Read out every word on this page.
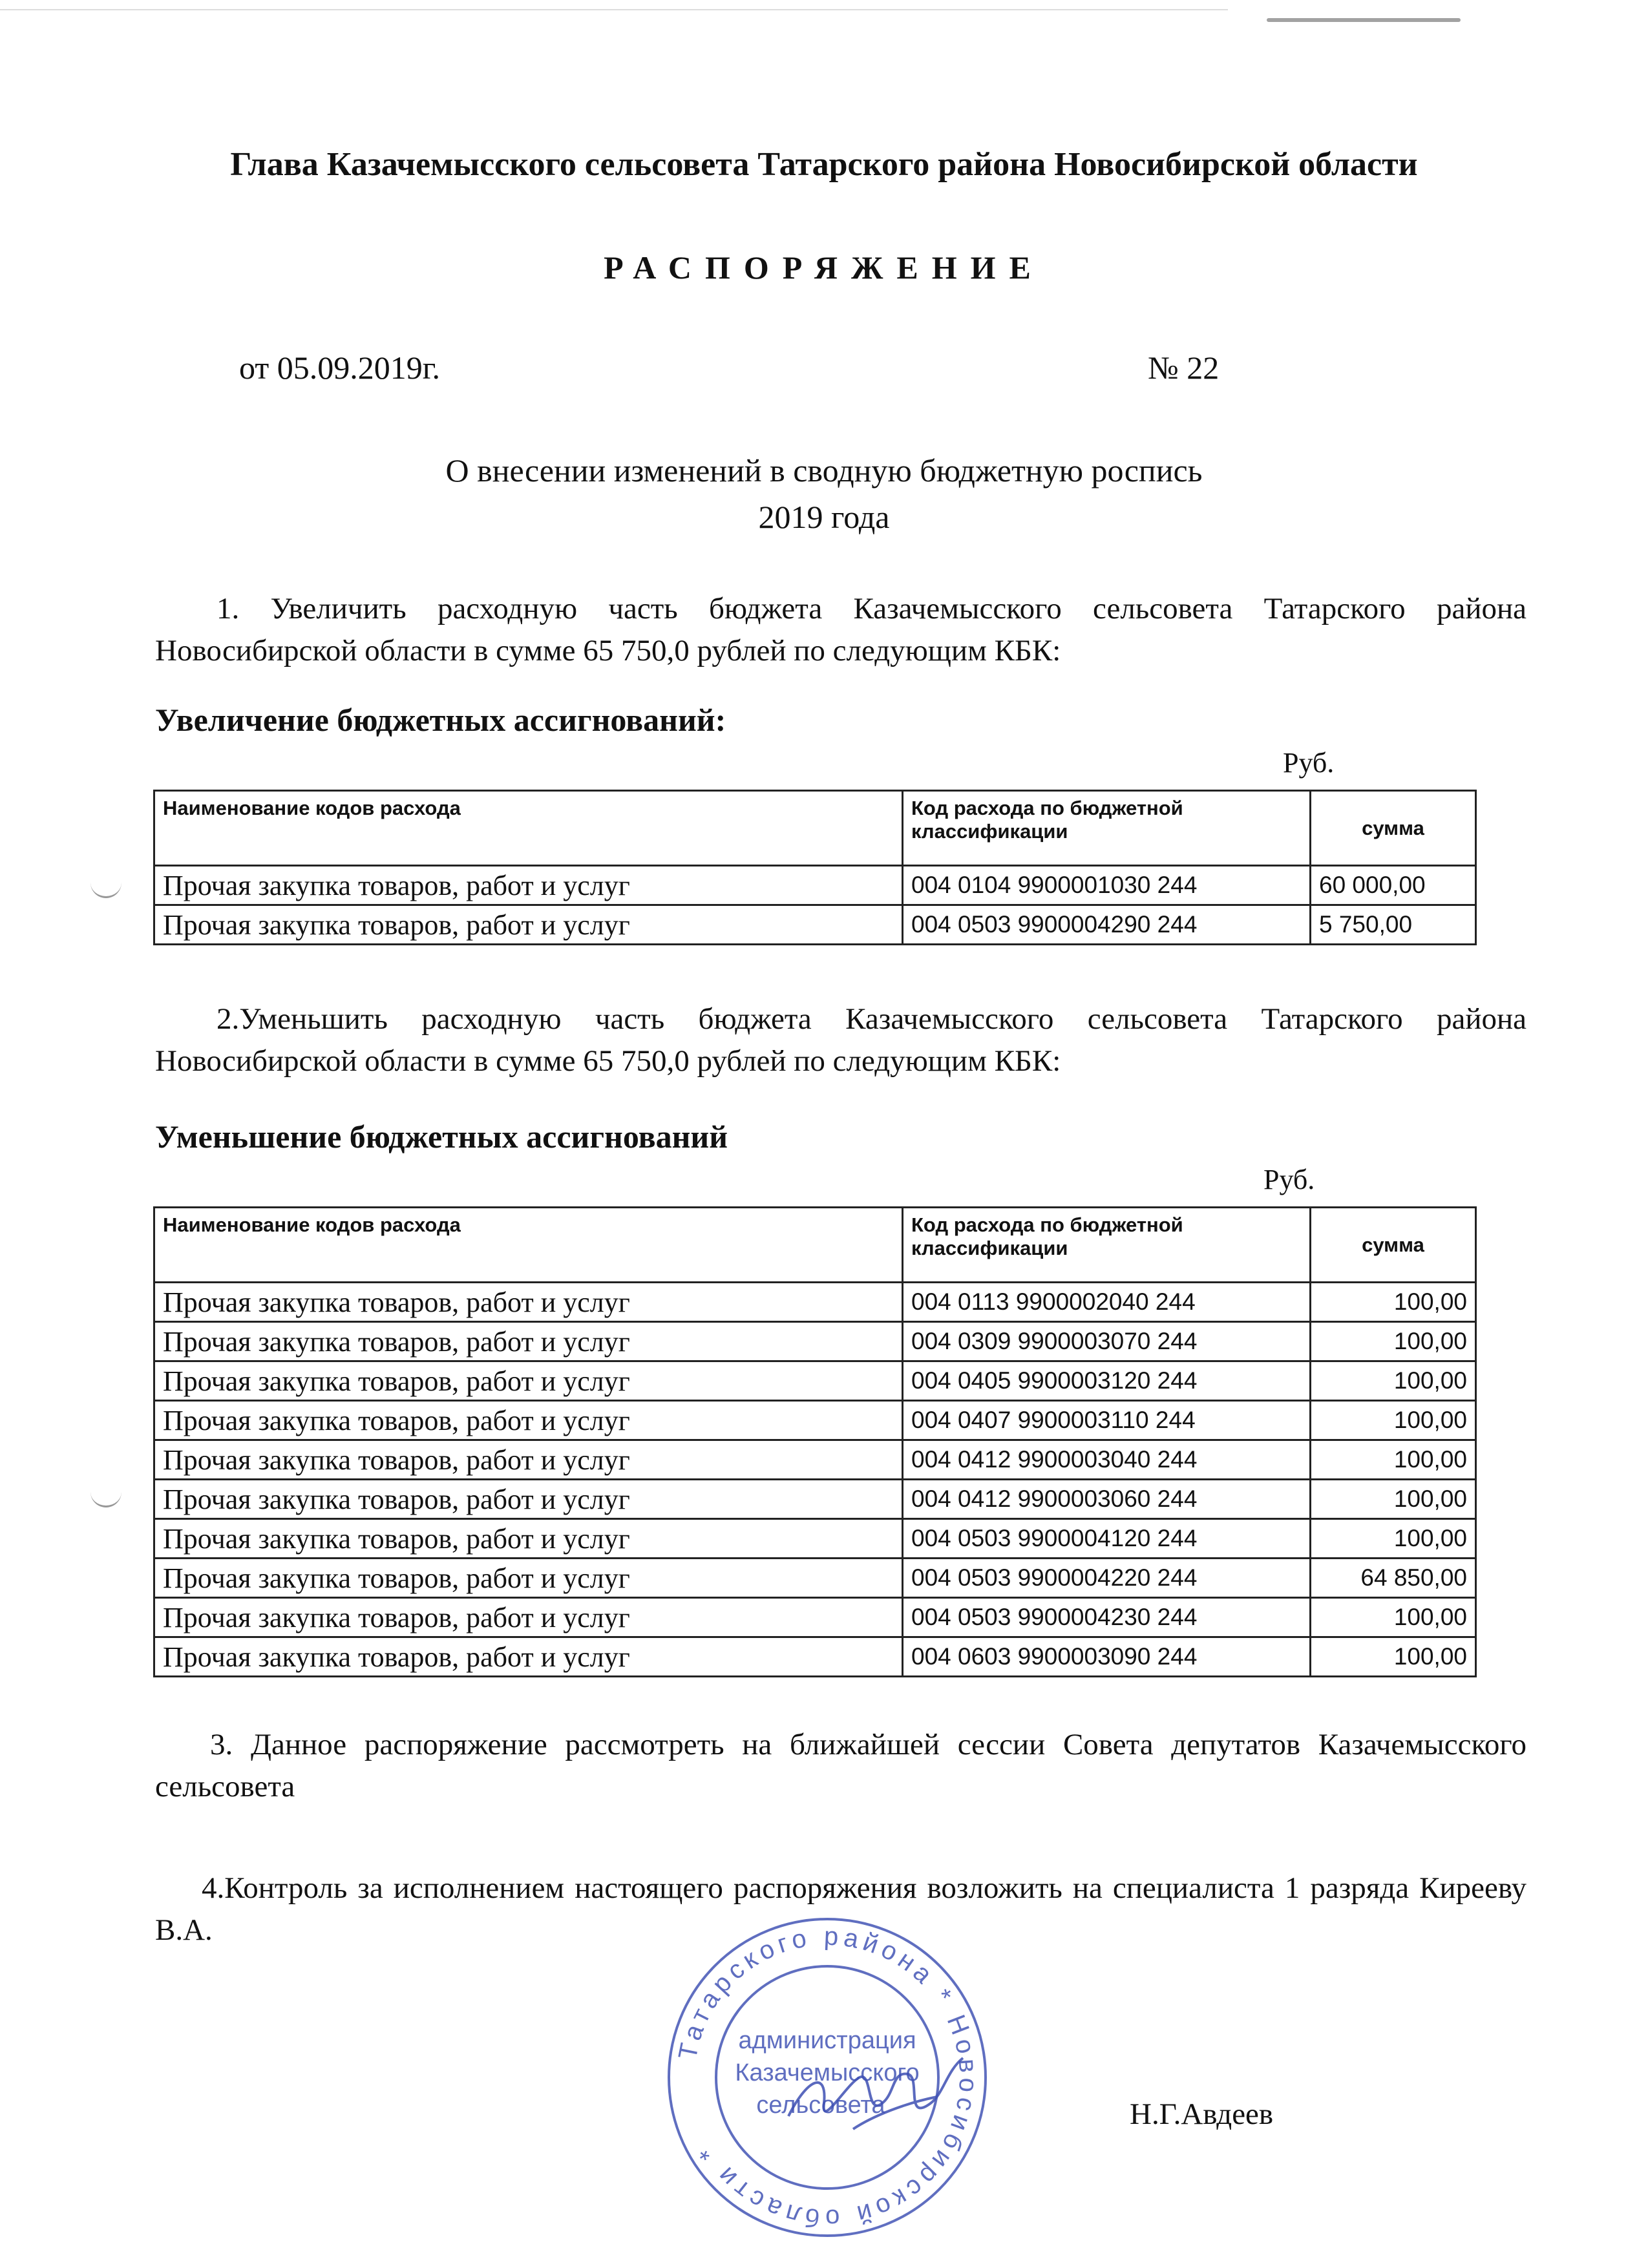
Глава Казачемысского сельсовета Татарского района Новосибирской области
РАСПОРЯЖЕНИЕ
от 05.09.2019г.	№ 22
О внесении изменений в сводную бюджетную роспись
2019 года
1. Увеличить расходную часть бюджета Казачемысского сельсовета Татарского района Новосибирской области в сумме 65 750,0 рублей по следующим КБК:
Увеличение бюджетных ассигнований:
Руб.
Наименование кодов расхода	Код расхода по бюджетной классификации	сумма
Прочая закупка товаров, работ и услуг	004 0104 9900001030 244	60 000,00
Прочая закупка товаров, работ и услуг	004 0503 9900004290 244	5 750,00
2.Уменьшить расходную часть бюджета Казачемысского сельсовета Татарского района Новосибирской области в сумме 65 750,0 рублей по следующим КБК:
Уменьшение бюджетных ассигнований
Руб.
Наименование кодов расхода	Код расхода по бюджетной классификации	сумма
Прочая закупка товаров, работ и услуг	004 0113 9900002040 244	100,00
Прочая закупка товаров, работ и услуг	004 0309 9900003070 244	100,00
Прочая закупка товаров, работ и услуг	004 0405 9900003120 244	100,00
Прочая закупка товаров, работ и услуг	004 0407 9900003110 244	100,00
Прочая закупка товаров, работ и услуг	004 0412 9900003040 244	100,00
Прочая закупка товаров, работ и услуг	004 0412 9900003060 244	100,00
Прочая закупка товаров, работ и услуг	004 0503 9900004120 244	100,00
Прочая закупка товаров, работ и услуг	004 0503 9900004220 244	64 850,00
Прочая закупка товаров, работ и услуг	004 0503 9900004230 244	100,00
Прочая закупка товаров, работ и услуг	004 0603 9900003090 244	100,00
3. Данное распоряжение рассмотреть на ближайшей сессии Совета депутатов Казачемысского сельсовета
4.Контроль за исполнением настоящего распоряжения возложить на специалиста 1 разряда Кирееву В.А.
Татарского района * Новосибирской области *
администрация
Казачемысского
сельсовета	Н.Г.Авдеев
